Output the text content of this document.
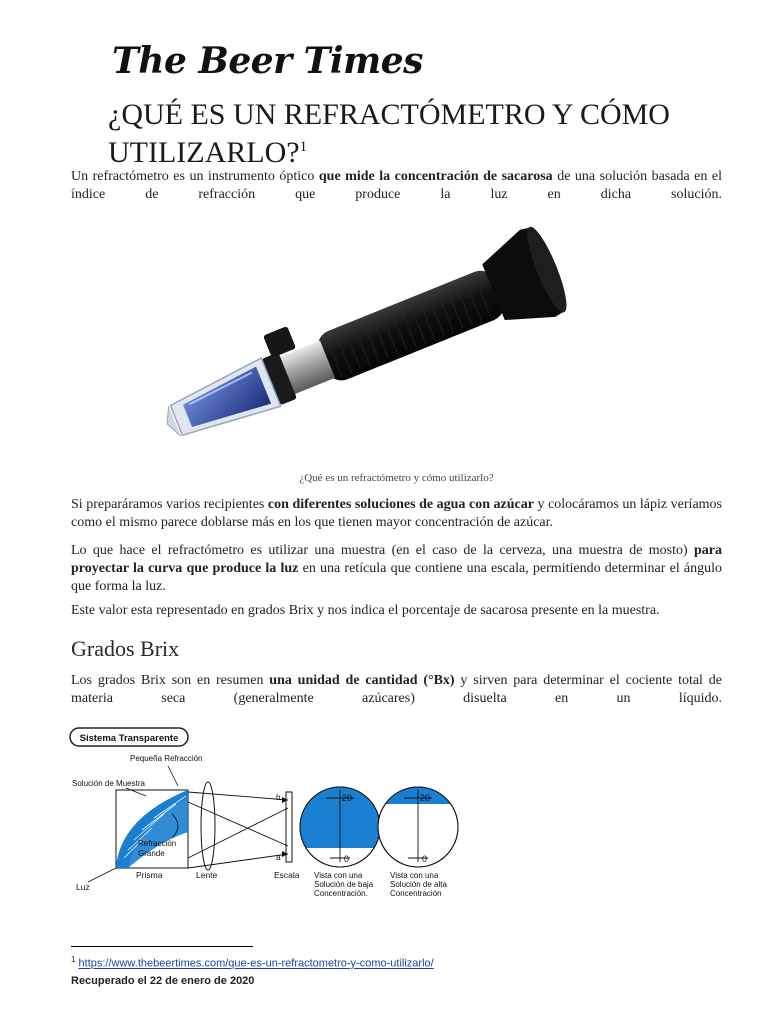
The Beer Times
¿QUÉ ES UN REFRACTÓMETRO Y CÓMO UTILIZARLO?$^1$
Un refractómetro es un instrumento óptico que mide la concentración de sacarosa de una solución basada en el índice de refracción que produce la luz en dicha solución.
¿Qué es un refractómetro y cómo utilizarlo?
Si preparáramos varios recipientes con diferentes soluciones de agua con azúcar y colocáramos un lápiz veríamos como el mismo parece doblarse más en los que tienen mayor concentración de azúcar.
Lo que hace el refractómetro es utilizar una muestra (en el caso de la cerveza, una muestra de mosto) para proyectar la curva que produce la luz en una retícula que contiene una escala, permitiendo determinar el ángulo que forma la luz.
Este valor esta representado en grados Brix y nos indica el porcentaje de sacarosa presente en la muestra.
Grados Brix
Los grados Brix son en resumen una unidad de cantidad (°Bx) y sirven para determinar el cociente total de materia seca (generalmente azúcares) disuelta en un líquido.
Sistema Transparente
Pequeña Refracción
Solución de Muestra
Refracción
Grande
b
a
20
0
20
0
Prisma	Lente	Escala
Luz
Vista con una
Solución de baja
Concentración.
Vista con una
Solución de alta
Concentración
$^1$ https://www.thebeertimes.com/que-es-un-refractometro-y-como-utilizarlo/
Recuperado el 22 de enero de 2020
